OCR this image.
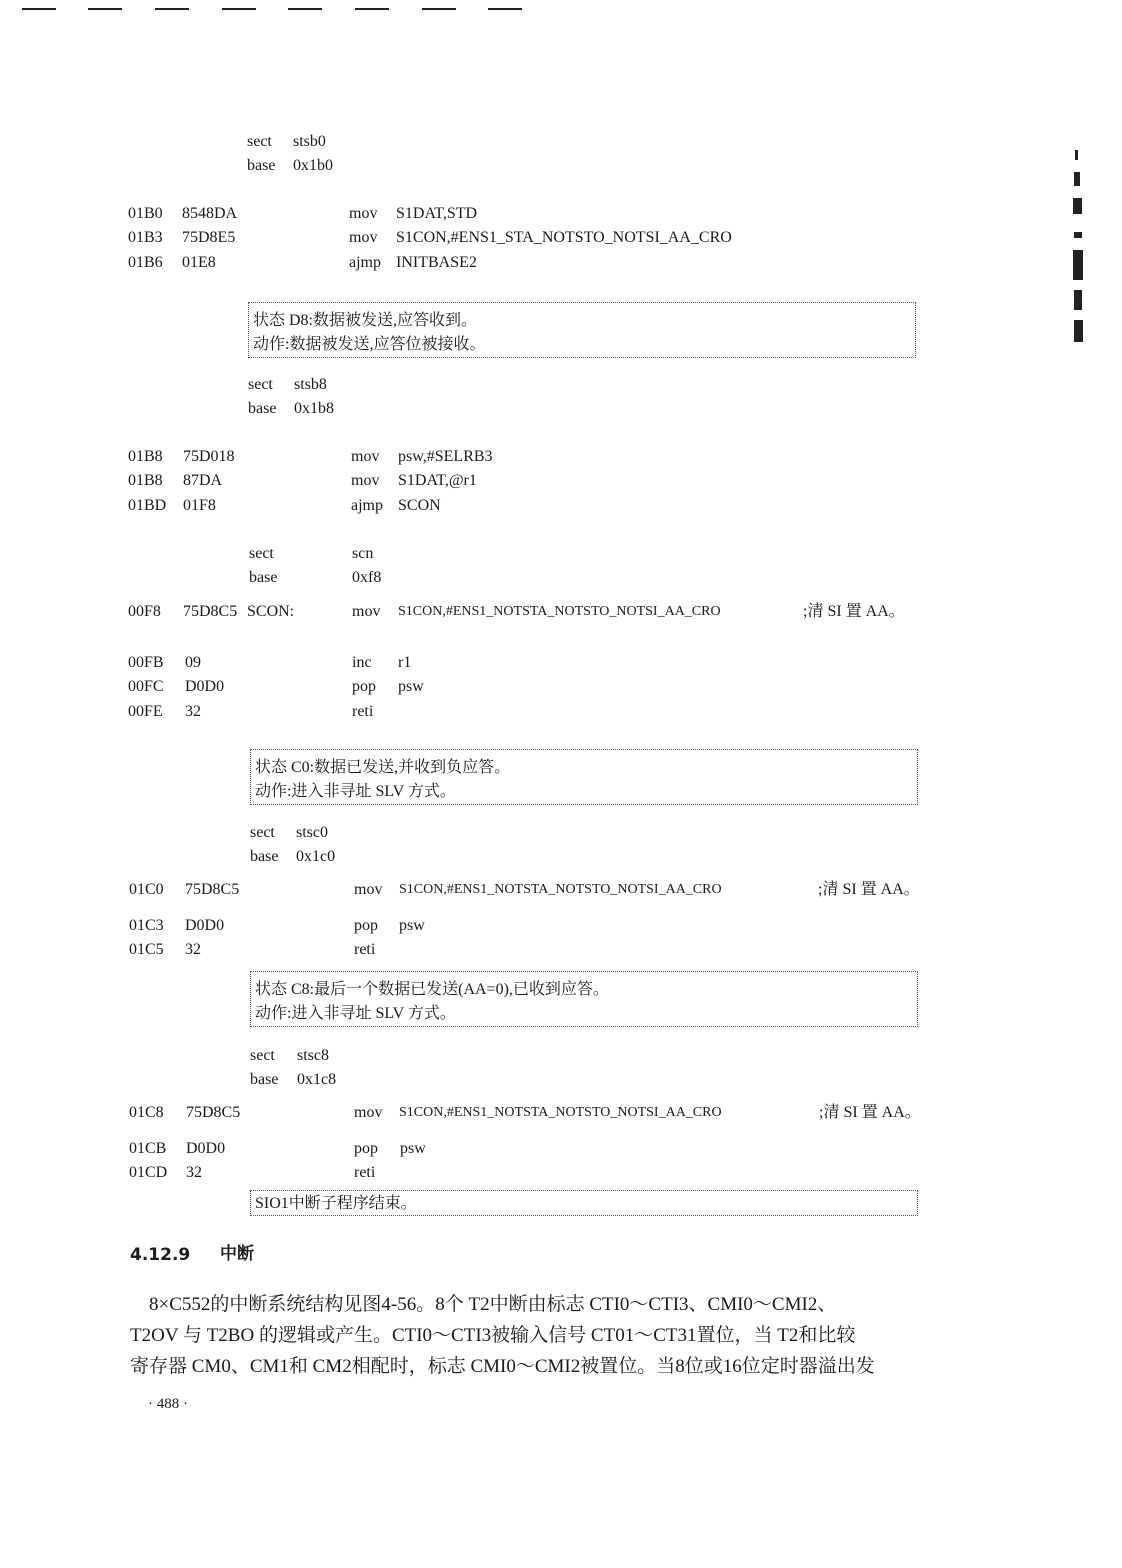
sect stsb0
base 0x1b0
01B0 8548DA	mov S1DAT,STD
01B3 75D8E5	mov S1CON,#ENS1_STA_NOTSTO_NOTSI_AA_CRO
01B6 01E8	ajmp INITBASE2
状态 D8:数据被发送,应答收到。
动作:数据被发送,应答位被接收。
sect stsb8
base 0x1b8
01B8 75D018	mov psw,#SELRB3
01B8 87DA	mov S1DAT,@r1
01BD 01F8	ajmp SCON
sect	scn
base	0xf8
00F8 75D8C5 SCON:	mov S1CON,#ENS1_NOTSTA_NOTSTO_NOTSI_AA_CRO	;清 SI 置 AA。
00FB 09	inc r1
00FC D0D0	pop psw
00FE 32	reti
状态 C0:数据已发送,并收到负应答。
动作:进入非寻址 SLV 方式。
sect stsc0
base 0x1c0
01C0 75D8C5	mov S1CON,#ENS1_NOTSTA_NOTSTO_NOTSI_AA_CRO	;清 SI 置 AA。
01C3 D0D0	pop psw
01C5 32	reti
状态 C8:最后一个数据已发送(AA=0),已收到应答。
动作:进入非寻址 SLV 方式。
sect stsc8
base 0x1c8
01C8 75D8C5	mov S1CON,#ENS1_NOTSTA_NOTSTO_NOTSI_AA_CRO	;清 SI 置 AA。
01CB D0D0	pop psw
01CD 32	reti
SIO1中断子程序结束。
4.12.9 中断
　8×C552的中断系统结构见图4-56。8个 T2中断由标志 CTI0～CTI3、CMI0～CMI2、
T2OV 与 T2BO 的逻辑或产生。CTI0～CTI3被输入信号 CT01～CT31置位，当 T2和比较
寄存器 CM0、CM1和 CM2相配时，标志 CMI0～CMI2被置位。当8位或16位定时器溢出发
· 488 ·
